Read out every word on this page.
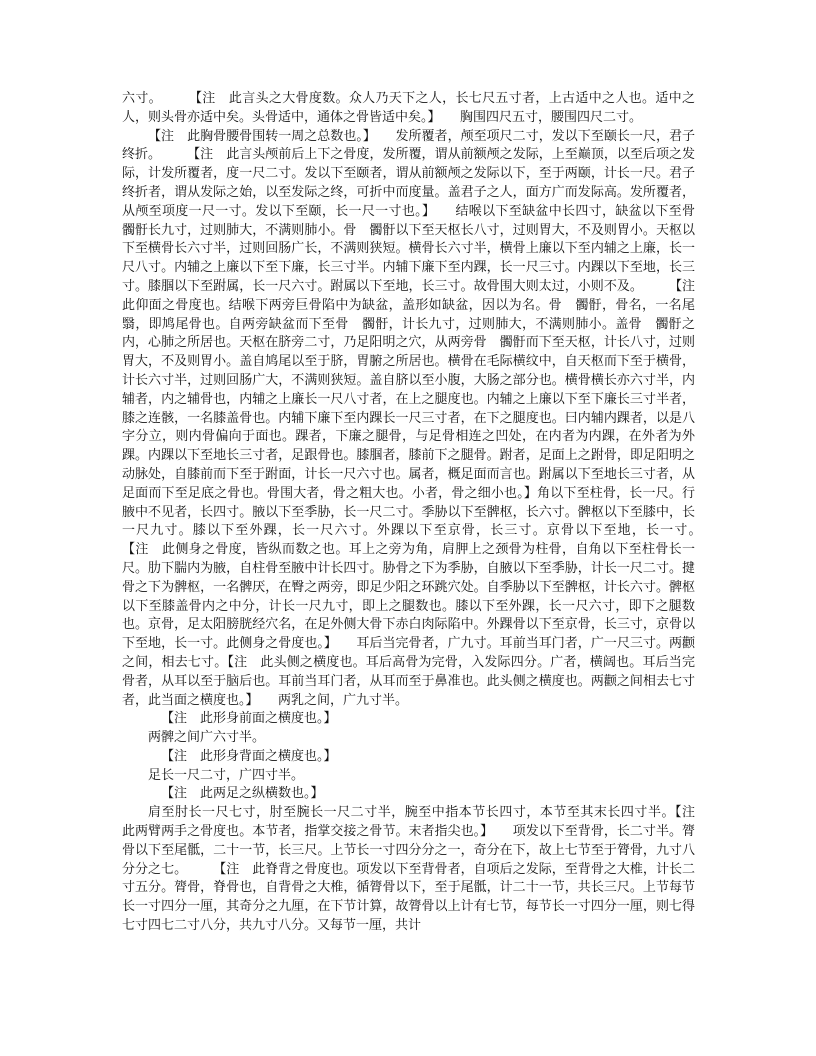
六寸。　　　【注　此言头之大骨度数。众人乃天下之人，长七尺五寸者，上古适中之人也。适中之人，则头骨亦适中矣。头骨适中，通体之骨皆适中矣。】　　胸围四尺五寸，腰围四尺二寸。

【注　此胸骨腰骨围转一周之总数也。】　　发所覆者，颅至项尺二寸，发以下至颐长一尺，君子终折。　　　【注　此言头颅前后上下之骨度，发所覆，谓从前额颅之发际，上至巅顶，以至后项之发际，计发所覆者，度一尺二寸。发以下至颐者，谓从前额颅之发际以下，至于两颐，计长一尺。君子终折者，谓从发际之始，以至发际之终，可折中而度量。盖君子之人，面方广而发际高。发所覆者，从颅至项度一尺一寸。发以下至颐，长一尺一寸也。】　　结喉以下至缺盆中长四寸，缺盆以下至骨　髑骬长九寸，过则肺大，不满则肺小。骨　髑骬以下至天枢长八寸，过则胃大，不及则胃小。天枢以下至横骨长六寸半，过则回肠广长，不满则狭短。横骨长六寸半，横骨上廉以下至内辅之上廉，长一尺八寸。内辅之上廉以下至下廉，长三寸半。内辅下廉下至内踝，长一尺三寸。内踝以下至地，长三寸。膝腘以下至跗属，长一尺六寸。跗属以下至地，长三寸。故骨围大则太过，小则不及。　　　【注　此仰面之骨度也。结喉下两旁巨骨陷中为缺盆，盖形如缺盆，因以为名。骨　髑骬，骨名，一名尾翳，即鸠尾骨也。自两旁缺盆而下至骨　髑骬，计长九寸，过则肺大，不满则肺小。盖骨　髑骬之内，心肺之所居也。天枢在脐旁二寸，乃足阳明之穴，从两旁骨　髑骬而下至天枢，计长八寸，过则胃大，不及则胃小。盖自鸠尾以至于脐，胃腑之所居也。横骨在毛际横纹中，自天枢而下至于横骨，计长六寸半，过则回肠广大，不满则狭短。盖自脐以至小腹，大肠之部分也。横骨横长亦六寸半，内辅者，内之辅骨也，内辅之上廉长一尺八寸者，在上之腿度也。内辅之上廉以下至下廉长三寸半者，膝之连骸，一名膝盖骨也。内辅下廉下至内踝长一尺三寸者，在下之腿度也。曰内辅内踝者，以是八字分立，则内骨偏向于面也。踝者，下廉之腿骨，与足骨相连之凹处，在内者为内踝，在外者为外踝。内踝以下至地长三寸者，足跟骨也。膝腘者，膝前下之腿骨。跗者，足面上之跗骨，即足阳明之动脉处，自膝前而下至于跗面，计长一尺六寸也。属者，概足面而言也。跗属以下至地长三寸者，从足面而下至足底之骨也。骨围大者，骨之粗大也。小者，骨之细小也。】角以下至柱骨，长一尺。行腋中不见者，长四寸。腋以下至季胁，长一尺二寸。季胁以下至髀枢，长六寸。髀枢以下至膝中，长一尺九寸。膝以下至外踝，长一尺六寸。外踝以下至京骨，长三寸。京骨以下至地，长一寸。　　　【注　此侧身之骨度，皆纵而数之也。耳上之旁为角，肩胛上之颈骨为柱骨，自角以下至柱骨长一尺。肋下腨内为腋，自柱骨至腋中计长四寸。胁骨之下为季胁，自腋以下至季胁，计长一尺二寸。揵骨之下为髀枢，一名髀厌，在臀之两旁，即足少阳之环跳穴处。自季胁以下至髀枢，计长六寸。髀枢以下至膝盖骨内之中分，计长一尺九寸，即上之腿数也。膝以下至外踝，长一尺六寸，即下之腿数也。京骨，足太阳膀胱经穴名，在足外侧大骨下赤白肉际陷中。外踝骨以下至京骨，长三寸，京骨以下至地，长一寸。此侧身之骨度也。】　　耳后当完骨者，广九寸。耳前当耳门者，广一尺三寸。两颧之间，相去七寸。【注　此头侧之横度也。耳后高骨为完骨，入发际四分。广者，横阔也。耳后当完骨者，从耳以至于脑后也。耳前当耳门者，从耳而至于鼻准也。此头侧之横度也。两颧之间相去七寸者，此当面之横度也。】　　两乳之间，广九寸半。

【注　此形身前面之横度也。】

两髀之间广六寸半。

【注　此形身背面之横度也。】

足长一尺二寸，广四寸半。

【注　此两足之纵横数也。】

肩至肘长一尺七寸，肘至腕长一尺二寸半，腕至中指本节长四寸，本节至其末长四寸半。【注　此两臂两手之骨度也。本节者，指掌交接之骨节。末者指尖也。】　　项发以下至背骨，长二寸半。膂骨以下至尾骶，二十一节，长三尺。上节长一寸四分分之一，奇分在下，故上七节至于膂骨，九寸八分分之七。　　　【注　此脊背之骨度也。项发以下至背骨者，自项后之发际，至背骨之大椎，计长二寸五分。膂骨，脊骨也，自背骨之大椎，循膂骨以下，至于尾骶，计二十一节，共长三尺。上节每节长一寸四分一厘，其奇分之九厘，在下节计算，故膂骨以上计有七节，每节长一寸四分一厘，则七得七寸四七二寸八分，共九寸八分。又每节一厘，共计
